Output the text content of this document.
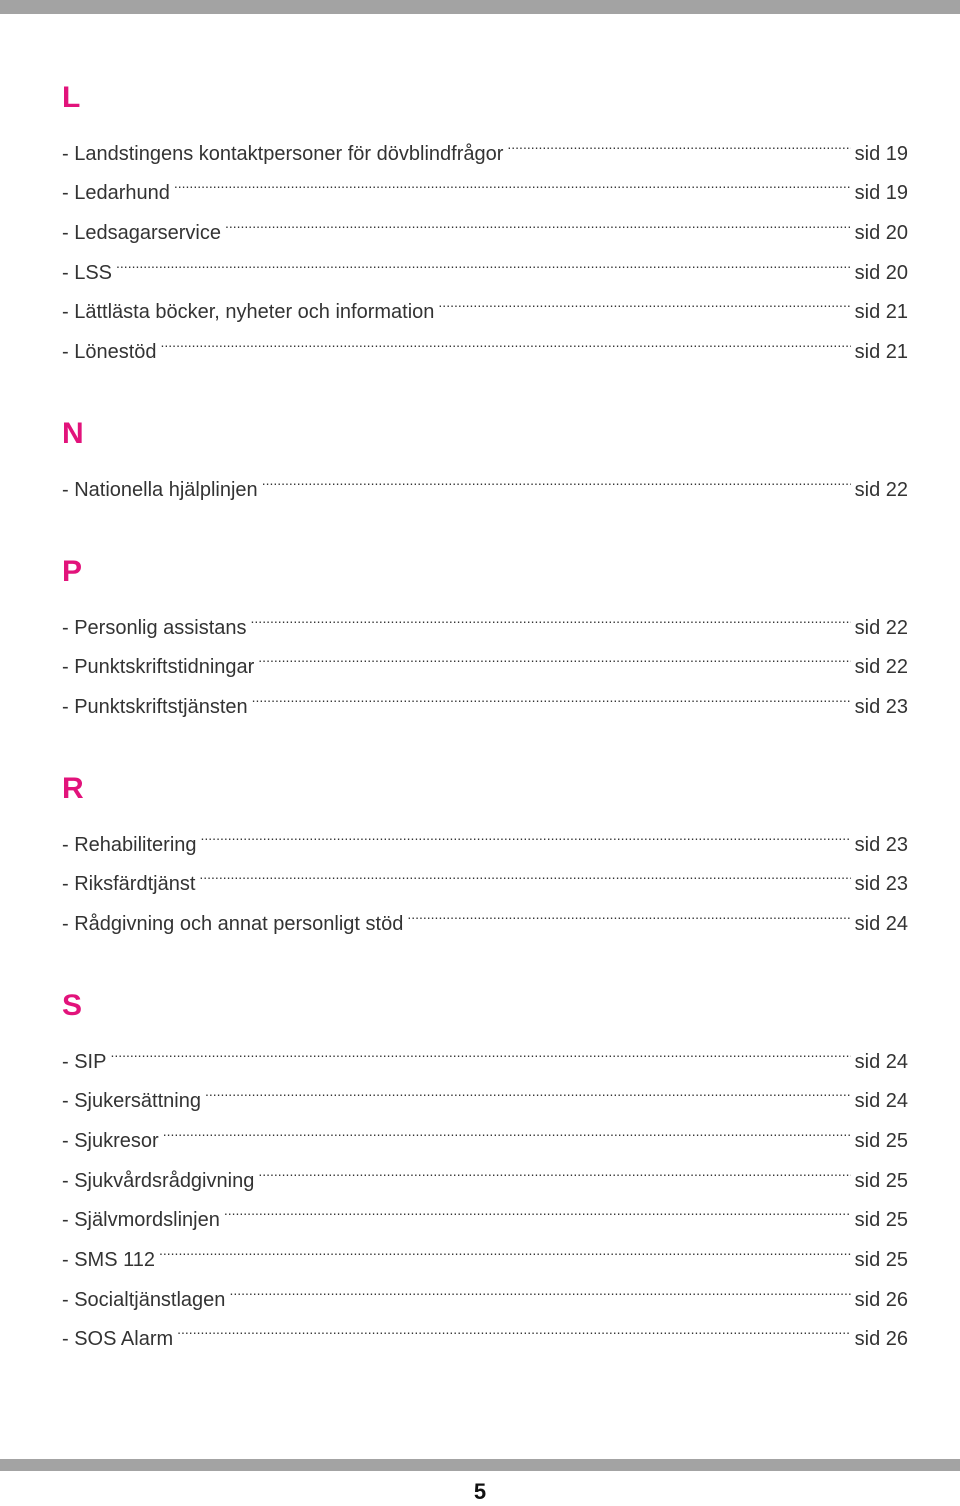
L
- Landstingens kontaktpersoner för dövblindfrågor .....	sid 19
- Ledarhund .....	sid 19
- Ledsagarservice .....	sid 20
- LSS .....	sid 20
- Lättlästa böcker, nyheter och information .....	sid 21
- Lönestöd .....	sid 21
N
- Nationella hjälplinjen .....	sid 22
P
- Personlig assistans .....	sid 22
- Punktskriftstidningar .....	sid 22
- Punktskriftstjänsten .....	sid 23
R
- Rehabilitering .....	sid 23
- Riksfärdtjänst .....	sid 23
- Rådgivning och annat personligt stöd .....	sid 24
S
- SIP .....	sid 24
- Sjukersättning .....	sid 24
- Sjukresor .....	sid 25
- Sjukvårdsrådgivning .....	sid 25
- Självmordslinjen .....	sid 25
- SMS 112 .....	sid 25
- Socialtjänstlagen .....	sid 26
- SOS Alarm .....	sid 26
5
